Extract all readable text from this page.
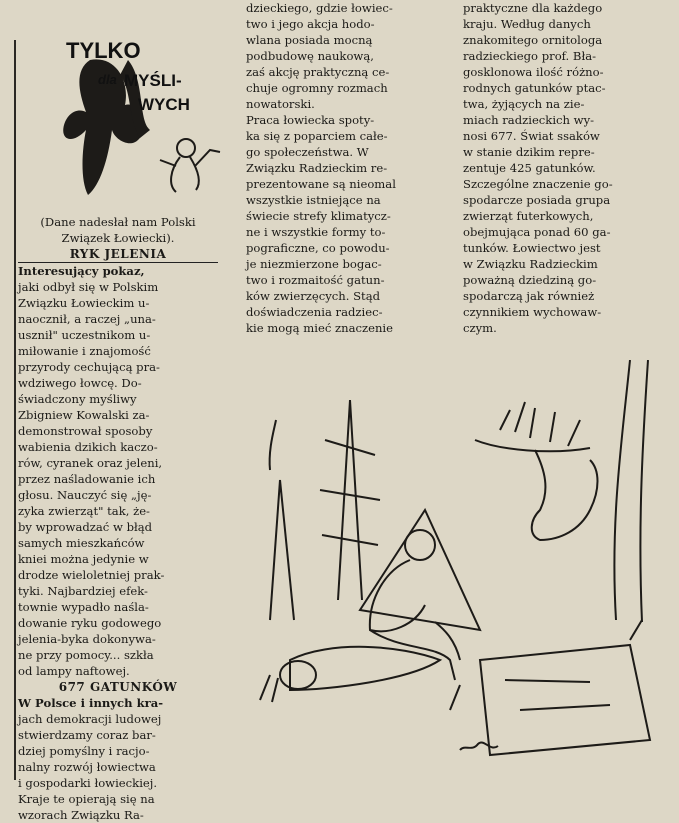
TYLKO
dla MYŚLI-
WYCH

(Dane nadesłał nam Polski Związek Łowiecki).

RYK JELENIA

Interesujący pokaz,
jaki odbył się w Polskim
Związku Łowieckim u-
naocznił, a raczej „una-
usznił" uczestnikom u-
miłowanie i znajomość
przyrody cechującą pra-
wdziwego łowcę. Do-
świadczony myśliwy
Zbigniew Kowalski za-
demonstrował sposoby
wabienia dzikich kaczo-
rów, cyranek oraz jeleni,
przez naśladowanie ich
głosu. Nauczyć się „ję-
zyka zwierząt" tak, że-
by wprowadzać w błąd
samych mieszkańców
kniei można jedynie w
drodze wieloletniej prak-
tyki. Najbardziej efek-
townie wypadło naśla-
dowanie ryku godowego
jelenia-byka dokonywa-
ne przy pomocy... szkła
od lampy naftowej.

677 GATUNKÓW

W Polsce i innych kra-
jach demokracji ludowej
stwierdzamy coraz bar-
dziej pomyślny i racjo-
nalny rozwój łowiectwa
i gospodarki łowieckiej.
Kraje te opierają się na
wzorach Związku Ra-
dzieckiego, gdzie łowiec-
two i jego akcja hodo-
wlana posiada mocną
podbudowę naukową,
zaś akcję praktyczną ce-
chuje ogromny rozmach
nowatorski.
Praca łowiecka spoty-
ka się z poparciem całe-
go społeczeństwa. W
Związku Radzieckim re-
prezentowane są nieomal
wszystkie istniejące na
świecie strefy klimatycz-
ne i wszystkie formy to-
pograficzne, co powodu-
je niezmierzone bogac-
two i rozmaitość gatun-
ków zwierzęcych. Stąd
doświadczenia radziec-
kie mogą mieć znaczenie
praktyczne dla każdego
kraju. Według danych
znakomitego ornitologa
radzieckiego prof. Bła-
gosklonowa ilość różno-
rodnych gatunków ptac-
twa, żyjących na zie-
miach radzieckich wy-
nosi 677. Świat ssaków
w stanie dzikim repre-
zentuje 425 gatunków.
Szczególne znaczenie go-
spodarcze posiada grupa
zwierząt futerkowych,
obejmująca ponad 60 ga-
tunków. Łowiectwo jest
w Związku Radzieckim
poważną dziedziną go-
spodarczą jak również
czynnikiem wychowaw-
czym.
